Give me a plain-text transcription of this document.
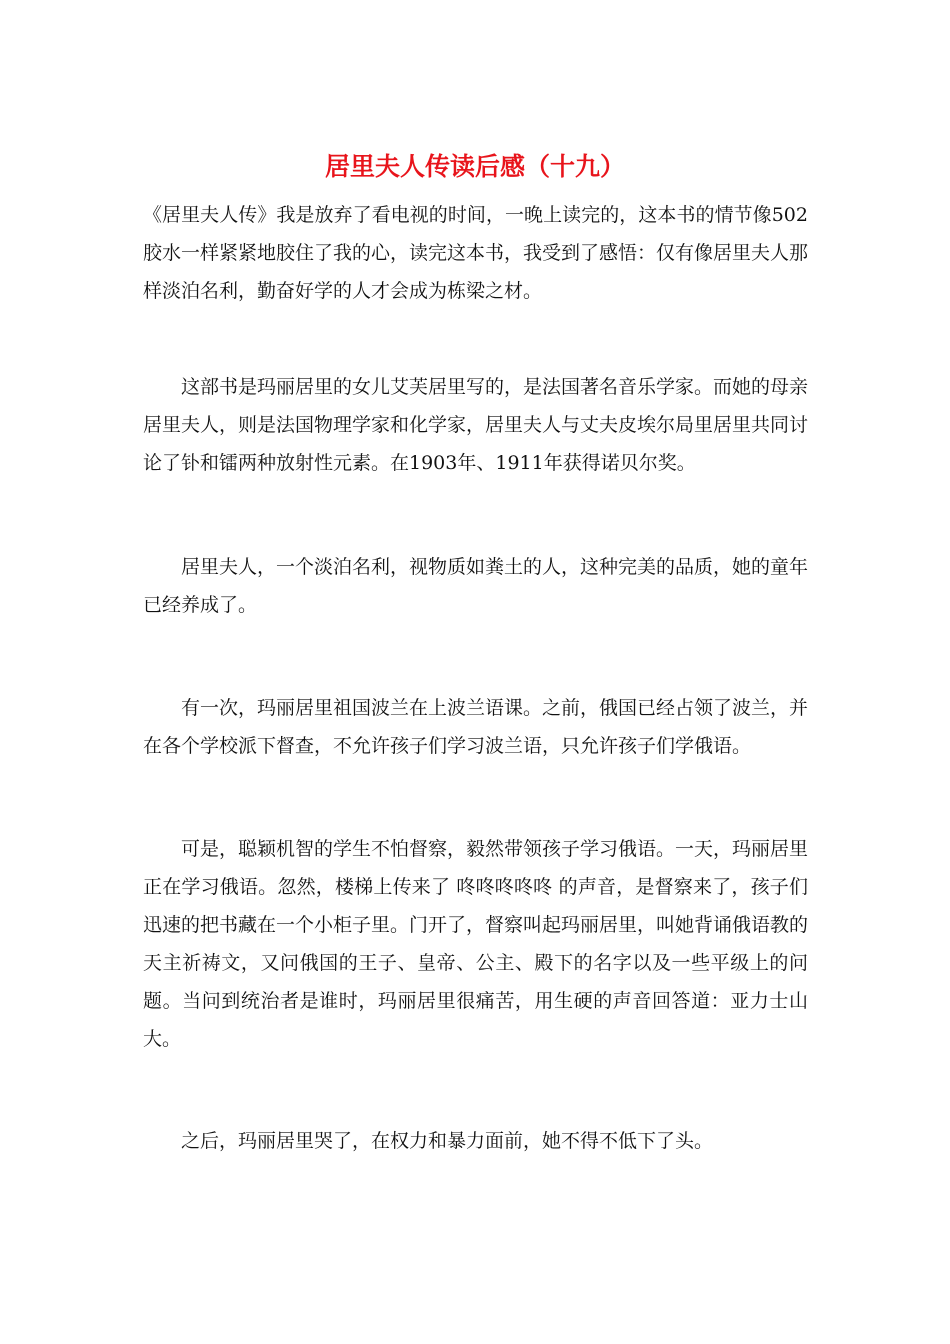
居里夫人传读后感（十九）

《居里夫人传》我是放弃了看电视的时间，一晚上读完的，这本书的情节像502胶水一样紧紧地胶住了我的心，读完这本书，我受到了感悟：仅有像居里夫人那样淡泊名利，勤奋好学的人才会成为栋梁之材。

这部书是玛丽居里的女儿艾芙居里写的，是法国著名音乐学家。而她的母亲居里夫人，则是法国物理学家和化学家，居里夫人与丈夫皮埃尔局里居里共同讨论了钋和镭两种放射性元素。在1903年、1911年获得诺贝尔奖。

居里夫人，一个淡泊名利，视物质如粪土的人，这种完美的品质，她的童年已经养成了。

有一次，玛丽居里祖国波兰在上波兰语课。之前，俄国已经占领了波兰，并在各个学校派下督查，不允许孩子们学习波兰语，只允许孩子们学俄语。

可是，聪颖机智的学生不怕督察，毅然带领孩子学习俄语。一天，玛丽居里正在学习俄语。忽然，楼梯上传来了 咚咚咚咚咚 的声音，是督察来了，孩子们迅速的把书藏在一个小柜子里。门开了，督察叫起玛丽居里，叫她背诵俄语教的天主祈祷文，又问俄国的王子、皇帝、公主、殿下的名字以及一些平级上的问题。当问到统治者是谁时，玛丽居里很痛苦，用生硬的声音回答道：亚力士山大。

之后，玛丽居里哭了，在权力和暴力面前，她不得不低下了头。
